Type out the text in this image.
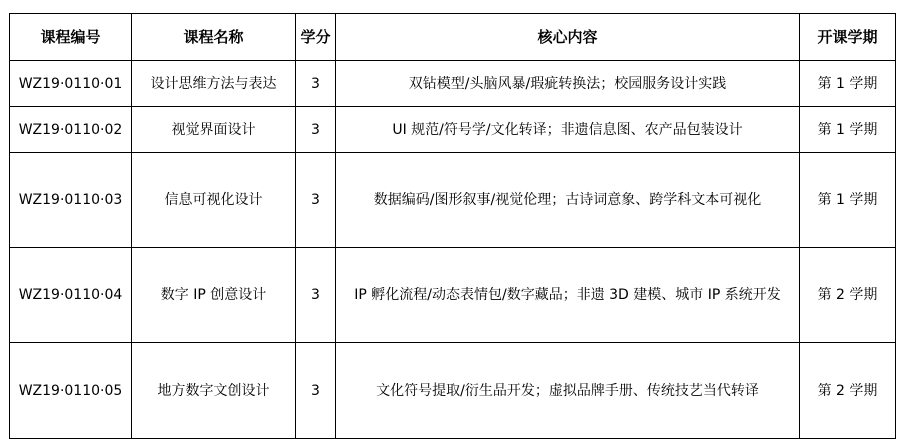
课程编号	课程名称	学分	核心内容	开课学期
WZ19·0110·01	设计思维方法与表达	3	双钻模型/头脑风暴/瑕疵转换法；校园服务设计实践	第 1 学期
WZ19·0110·02	视觉界面设计	3	UI 规范/符号学/文化转译；非遗信息图、农产品包装设计	第 1 学期
WZ19·0110·03	信息可视化设计	3	数据编码/图形叙事/视觉伦理；古诗词意象、跨学科文本可视化	第 1 学期
WZ19·0110·04	数字 IP 创意设计	3	IP 孵化流程/动态表情包/数字藏品；非遗 3D 建模、城市 IP 系统开发	第 2 学期
WZ19·0110·05	地方数字文创设计	3	文化符号提取/衍生品开发；虚拟品牌手册、传统技艺当代转译	第 2 学期
